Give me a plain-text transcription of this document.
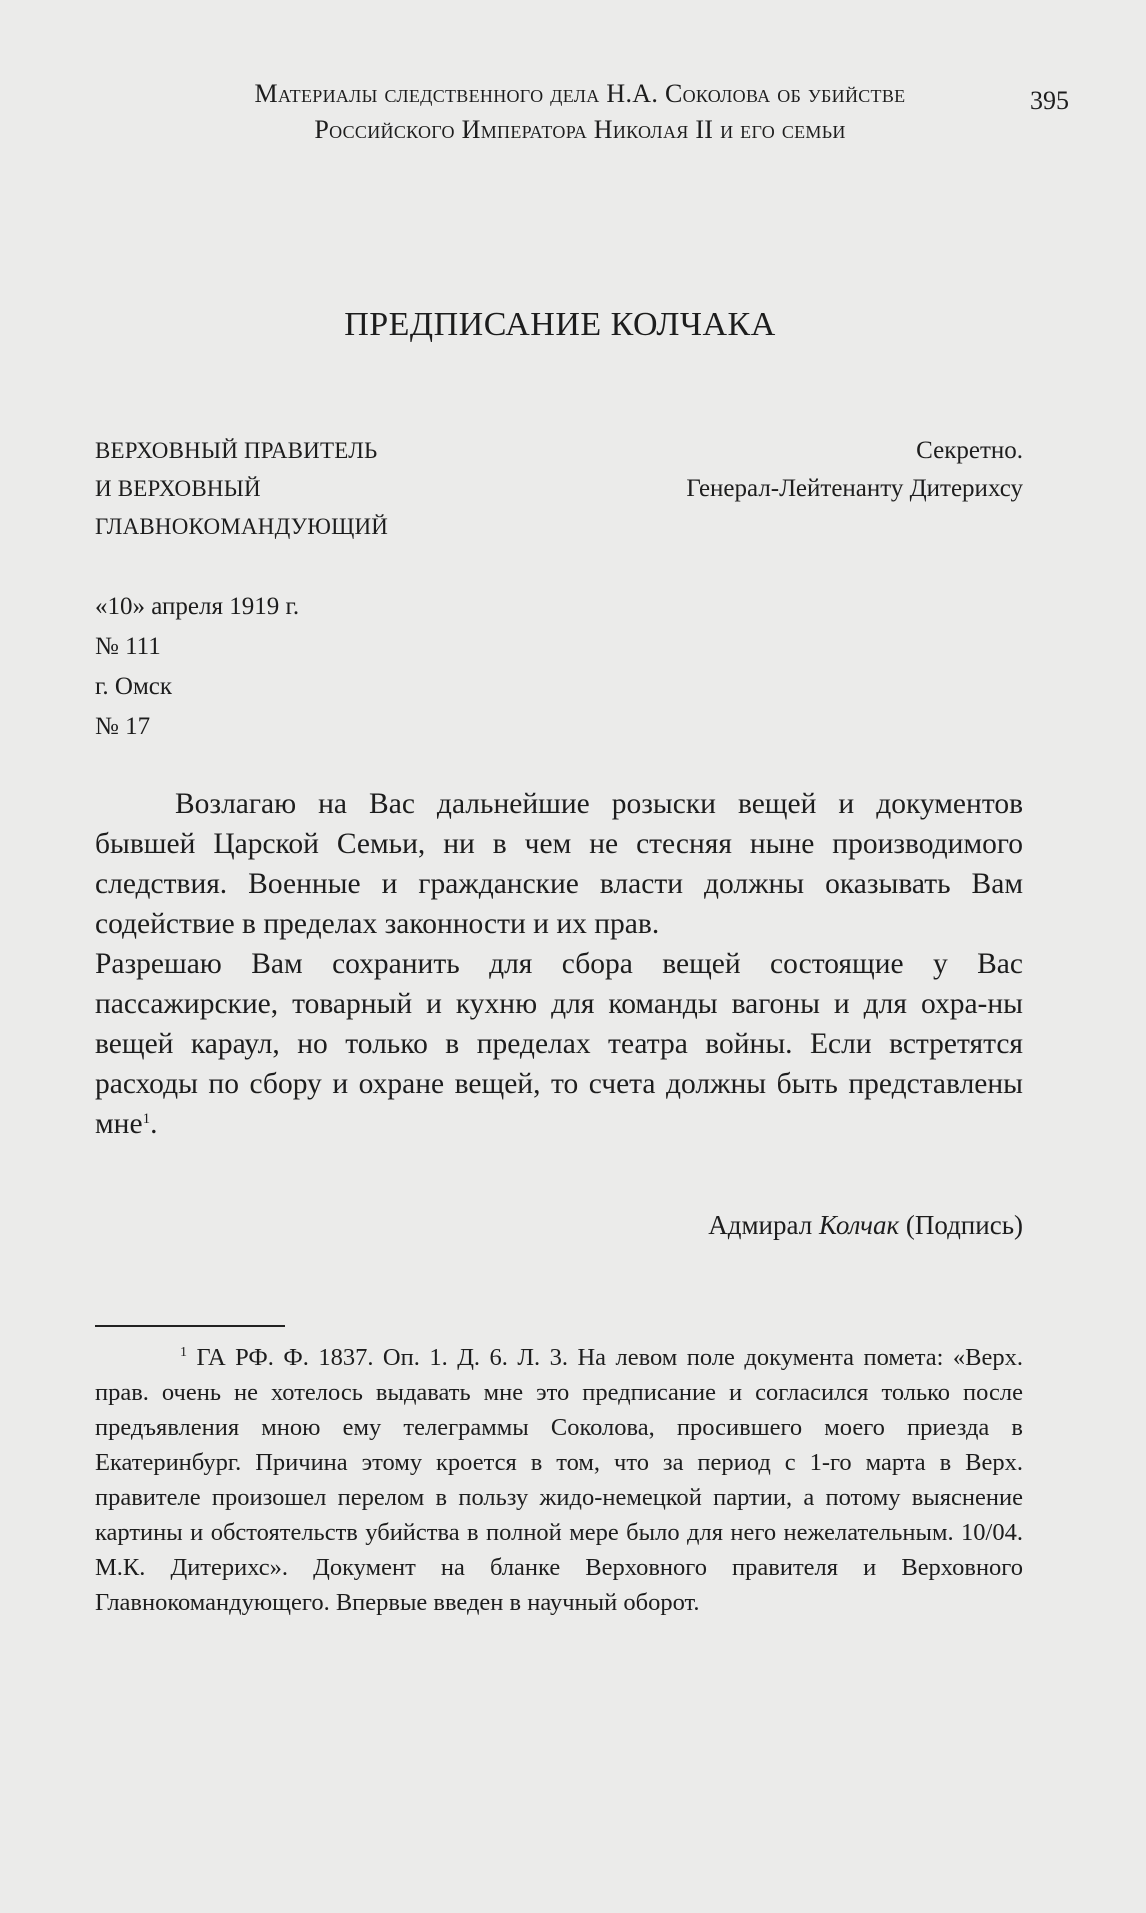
Материалы следственного дела Н.А. Соколова об убийстве
Российского Императора Николая II и его семьи
395
ПРЕДПИСАНИЕ КОЛЧАКА
ВЕРХОВНЫЙ ПРАВИТЕЛЬ
И ВЕРХОВНЫЙ
ГЛАВНОКОМАНДУЮЩИЙ
Секретно.
Генерал-Лейтенанту Дитерихсу
«10» апреля 1919 г.
№ 111
г. Омск
№ 17

Возлагаю на Вас дальнейшие розыски вещей и документов бывшей Царской Семьи, ни в чем не стесняя ныне производимого следствия. Военные и гражданские власти должны оказывать Вам содействие в пределах законности и их прав.

Разрешаю Вам сохранить для сбора вещей состоящие у Вас пассажирские, товарный и кухню для команды вагоны и для охра-ны вещей караул, но только в пределах театра войны. Если встретятся расходы по сбору и охране вещей, то счета должны быть представлены мне$^1$.

Адмирал Колчак (Подпись)

$^1$ ГА РФ. Ф. 1837. Оп. 1. Д. 6. Л. 3. На левом поле документа помета: «Верх. прав. очень не хотелось выдавать мне это предписание и согласился только после предъявления мною ему телеграммы Соколова, просившего моего приезда в Екатеринбург. Причина этому кроется в том, что за период с 1-го марта в Верх. правителе произошел перелом в пользу жидо-немецкой партии, а потому выяснение картины и обстоятельств убийства в полной мере было для него нежелательным. 10/04. М.К. Дитерихс». Документ на бланке Верховного правителя и Верховного Главнокомандующего. Впервые введен в научный оборот.
